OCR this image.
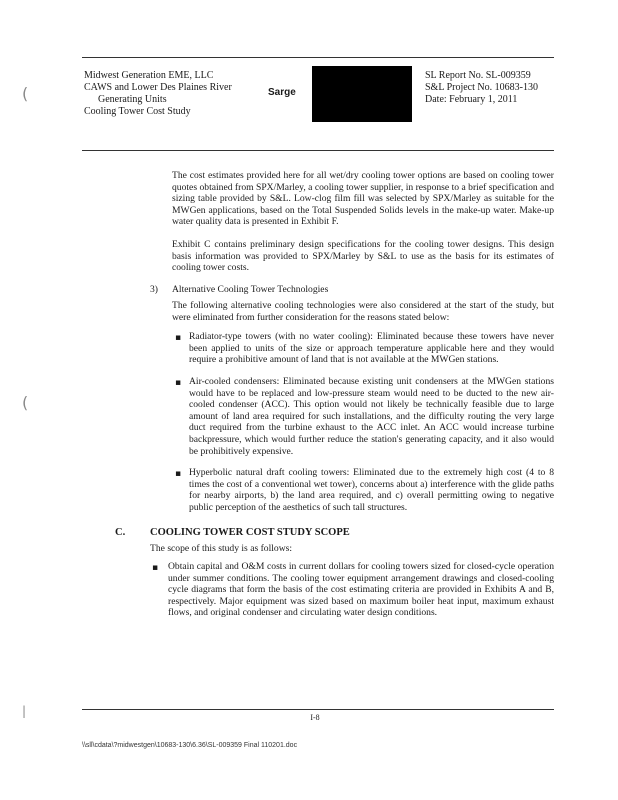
(
(
|
Midwest Generation EME, LLC
CAWS and Lower Des Plaines River
Generating Units
Cooling Tower Cost Study
Sarge
SL Report No. SL-009359
S&L Project No. 10683-130
Date: February 1, 2011
The cost estimates provided here for all wet/dry cooling tower options are based on cooling tower quotes obtained from SPX/Marley, a cooling tower supplier, in response to a brief specification and sizing table provided by S&L. Low-clog film fill was selected by SPX/Marley as suitable for the MWGen applications, based on the Total Suspended Solids levels in the make-up water. Make-up water quality data is presented in Exhibit F.
Exhibit C contains preliminary design specifications for the cooling tower designs. This design basis information was provided to SPX/Marley by S&L to use as the basis for its estimates of cooling tower costs.
3) Alternative Cooling Tower Technologies
The following alternative cooling technologies were also considered at the start of the study, but were eliminated from further consideration for the reasons stated below:
▪ Radiator-type towers (with no water cooling): Eliminated because these towers have never been applied to units of the size or approach temperature applicable here and they would require a prohibitive amount of land that is not available at the MWGen stations.
▪ Air-cooled condensers: Eliminated because existing unit condensers at the MWGen stations would have to be replaced and low-pressure steam would need to be ducted to the new air-cooled condenser (ACC). This option would not likely be technically feasible due to large amount of land area required for such installations, and the difficulty routing the very large duct required from the turbine exhaust to the ACC inlet. An ACC would increase turbine backpressure, which would further reduce the station's generating capacity, and it also would be prohibitively expensive.
▪ Hyperbolic natural draft cooling towers: Eliminated due to the extremely high cost (4 to 8 times the cost of a conventional wet tower), concerns about a) interference with the glide paths for nearby airports, b) the land area required, and c) overall permitting owing to negative public perception of the aesthetics of such tall structures.
C. COOLING TOWER COST STUDY SCOPE
The scope of this study is as follows:
▪ Obtain capital and O&M costs in current dollars for cooling towers sized for closed-cycle operation under summer conditions. The cooling tower equipment arrangement drawings and closed-cooling cycle diagrams that form the basis of the cost estimating criteria are provided in Exhibits A and B, respectively. Major equipment was sized based on maximum boiler heat input, maximum exhaust flows, and original condenser and circulating water design conditions.
I-8
\\sll\cdata\?midwestgen\10683-130\6.36\SL-009359 Final 110201.doc
